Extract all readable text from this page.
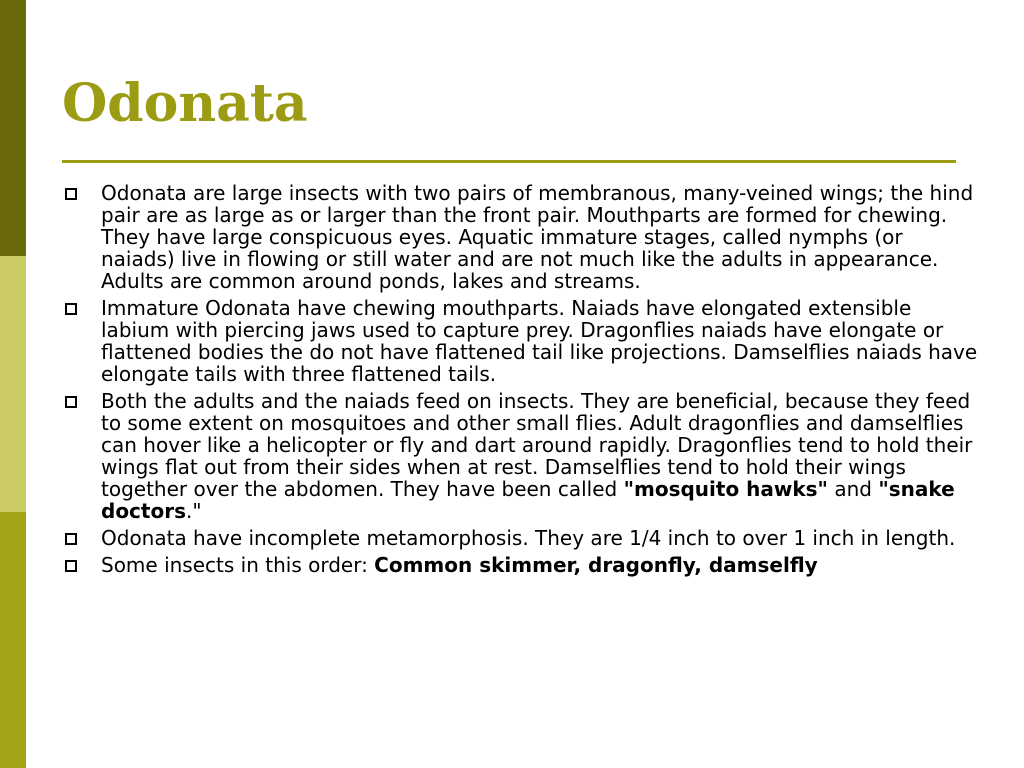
Odonata
Odonata are large insects with two pairs of membranous, many-veined wings; the hind pair are as large as or larger than the front pair. Mouthparts are formed for chewing. They have large conspicuous eyes. Aquatic immature stages, called nymphs (or naiads) live in flowing or still water and are not much like the adults in appearance. Adults are common around ponds, lakes and streams.
Immature Odonata have chewing mouthparts. Naiads have elongated extensible labium with piercing jaws used to capture prey. Dragonflies naiads have elongate or flattened bodies the do not have flattened tail like projections. Damselflies naiads have elongate tails with three flattened tails.
Both the adults and the naiads feed on insects. They are beneficial, because they feed to some extent on mosquitoes and other small flies. Adult dragonflies and damselflies can hover like a helicopter or fly and dart around rapidly. Dragonflies tend to hold their wings flat out from their sides when at rest. Damselflies tend to hold their wings together over the abdomen. They have been called "mosquito hawks" and "snake doctors."
Odonata have incomplete metamorphosis. They are 1/4 inch to over 1 inch in length.
Some insects in this order: Common skimmer, dragonfly, damselfly
